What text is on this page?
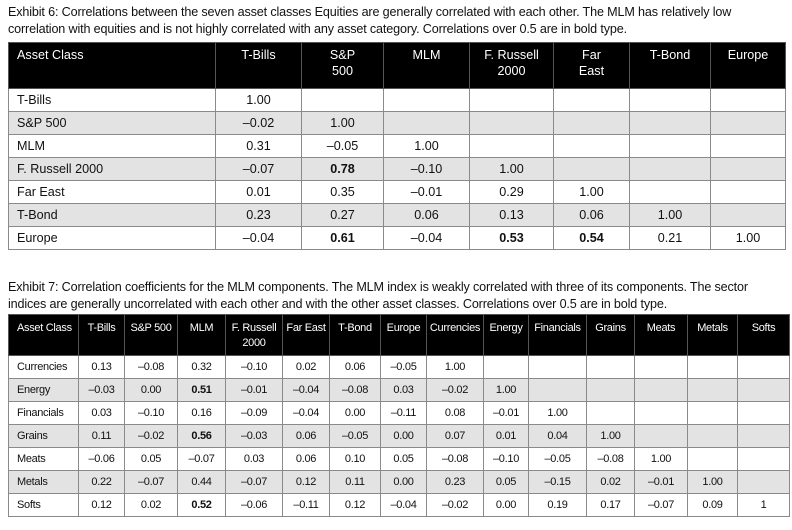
Exhibit 6: Correlations between the seven asset classes Equities are generally correlated with each other. The MLM has relatively low correlation with equities and is not highly correlated with any asset category. Correlations over 0.5 are in bold type.
Asset Class	T-Bills	S&P 500	MLM	F. Russell 2000	Far East	T-Bond	Europe
T-Bills	1.00						
S&P 500	–0.02	1.00					
MLM	0.31	–0.05	1.00				
F. Russell 2000	–0.07	0.78	–0.10	1.00			
Far East	0.01	0.35	–0.01	0.29	1.00		
T-Bond	0.23	0.27	0.06	0.13	0.06	1.00	
Europe	–0.04	0.61	–0.04	0.53	0.54	0.21	1.00
Exhibit 7: Correlation coefficients for the MLM components. The MLM index is weakly correlated with three of its components. The sector indices are generally uncorrelated with each other and with the other asset classes. Correlations over 0.5 are in bold type.
Asset Class	T-Bills	S&P 500	MLM	F. Russell 2000	Far East	T-Bond	Europe	Currencies	Energy	Financials	Grains	Meats	Metals	Softs
Currencies	0.13	–0.08	0.32	–0.10	0.02	0.06	–0.05	1.00						
Energy	–0.03	0.00	0.51	–0.01	–0.04	–0.08	0.03	–0.02	1.00					
Financials	0.03	–0.10	0.16	–0.09	–0.04	0.00	–0.11	0.08	–0.01	1.00				
Grains	0.11	–0.02	0.56	–0.03	0.06	–0.05	0.00	0.07	0.01	0.04	1.00			
Meats	–0.06	0.05	–0.07	0.03	0.06	0.10	0.05	–0.08	–0.10	–0.05	–0.08	1.00		
Metals	0.22	–0.07	0.44	–0.07	0.12	0.11	0.00	0.23	0.05	–0.15	0.02	–0.01	1.00	
Softs	0.12	0.02	0.52	–0.06	–0.11	0.12	–0.04	–0.02	0.00	0.19	0.17	–0.07	0.09	1
